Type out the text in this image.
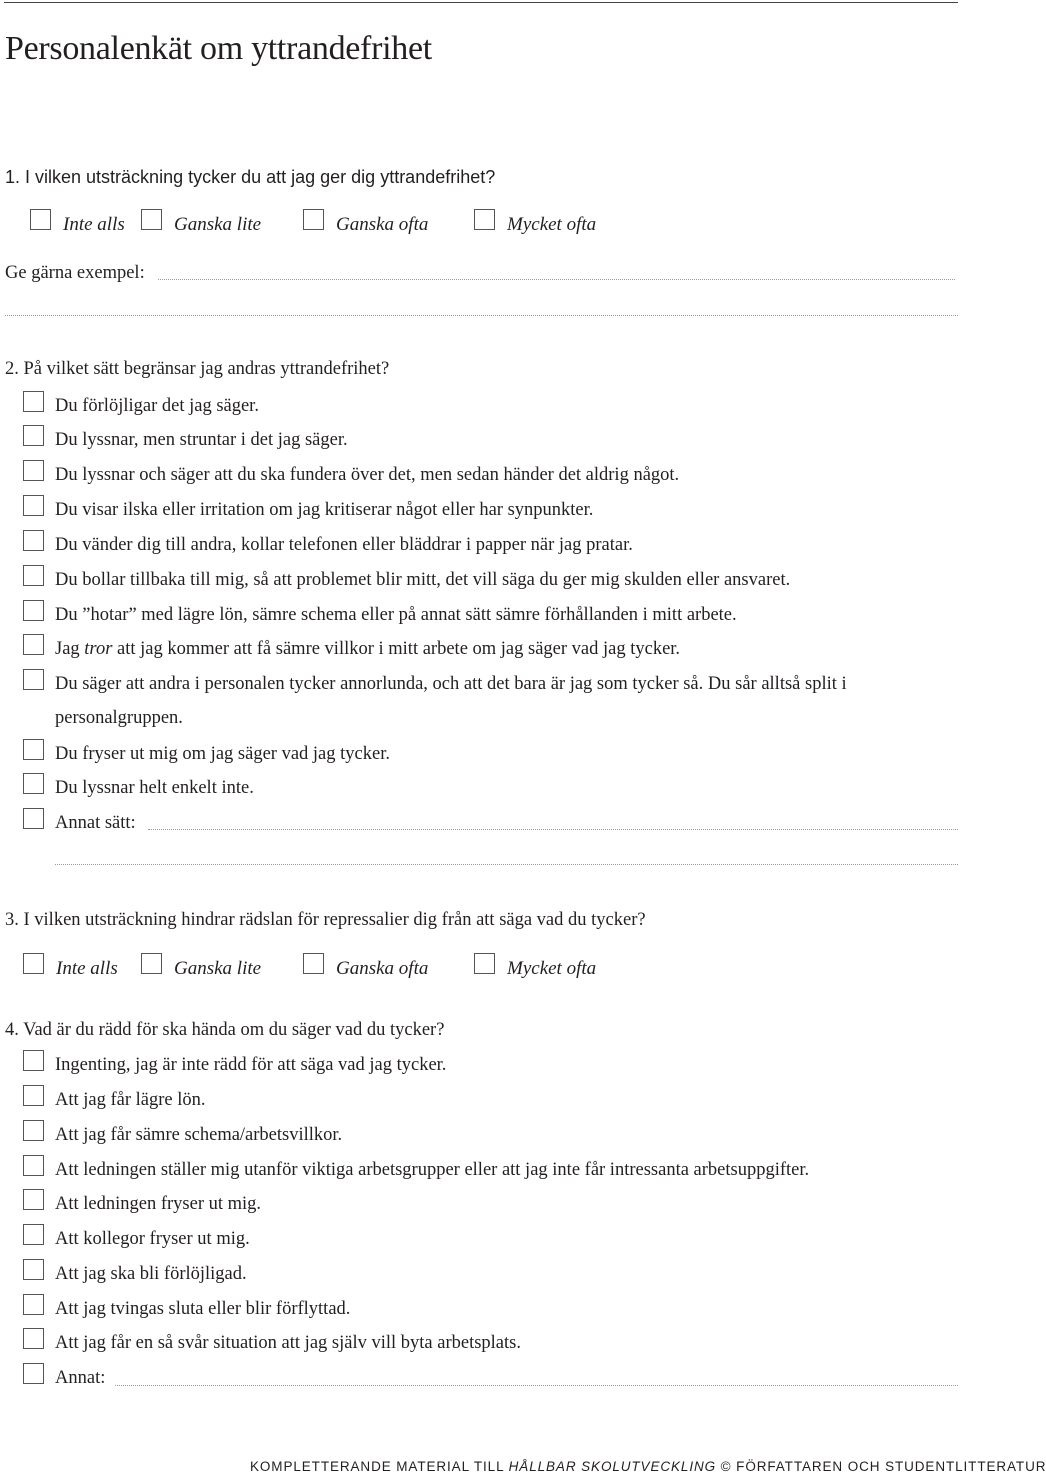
Personalenkät om yttrandefrihet
1. I vilken utsträckning tycker du att jag ger dig yttrandefrihet?
Inte alls	Ganska lite	Ganska ofta	Mycket ofta
Ge gärna exempel:
2. På vilket sätt begränsar jag andras yttrandefrihet?
Du förlöjligar det jag säger.
Du lyssnar, men struntar i det jag säger.
Du lyssnar och säger att du ska fundera över det, men sedan händer det aldrig något.
Du visar ilska eller irritation om jag kritiserar något eller har synpunkter.
Du vänder dig till andra, kollar telefonen eller bläddrar i papper när jag pratar.
Du bollar tillbaka till mig, så att problemet blir mitt, det vill säga du ger mig skulden eller ansvaret.
Du ”hotar” med lägre lön, sämre schema eller på annat sätt sämre förhållanden i mitt arbete.
Jag tror att jag kommer att få sämre villkor i mitt arbete om jag säger vad jag tycker.
Du säger att andra i personalen tycker annorlunda, och att det bara är jag som tycker så. Du sår alltså split i
personalgruppen.
Du fryser ut mig om jag säger vad jag tycker.
Du lyssnar helt enkelt inte.
Annat sätt:
3. I vilken utsträckning hindrar rädslan för repressalier dig från att säga vad du tycker?
Inte alls	Ganska lite	Ganska ofta	Mycket ofta
4. Vad är du rädd för ska hända om du säger vad du tycker?
Ingenting, jag är inte rädd för att säga vad jag tycker.
Att jag får lägre lön.
Att jag får sämre schema/arbetsvillkor.
Att ledningen ställer mig utanför viktiga arbetsgrupper eller att jag inte får intressanta arbetsuppgifter.
Att ledningen fryser ut mig.
Att kollegor fryser ut mig.
Att jag ska bli förlöjligad.
Att jag tvingas sluta eller blir förflyttad.
Att jag får en så svår situation att jag själv vill byta arbetsplats.
Annat:
KOMPLETTERANDE MATERIAL TILL HÅLLBAR SKOLUTVECKLING © FÖRFATTAREN OCH STUDENTLITTERATUR
